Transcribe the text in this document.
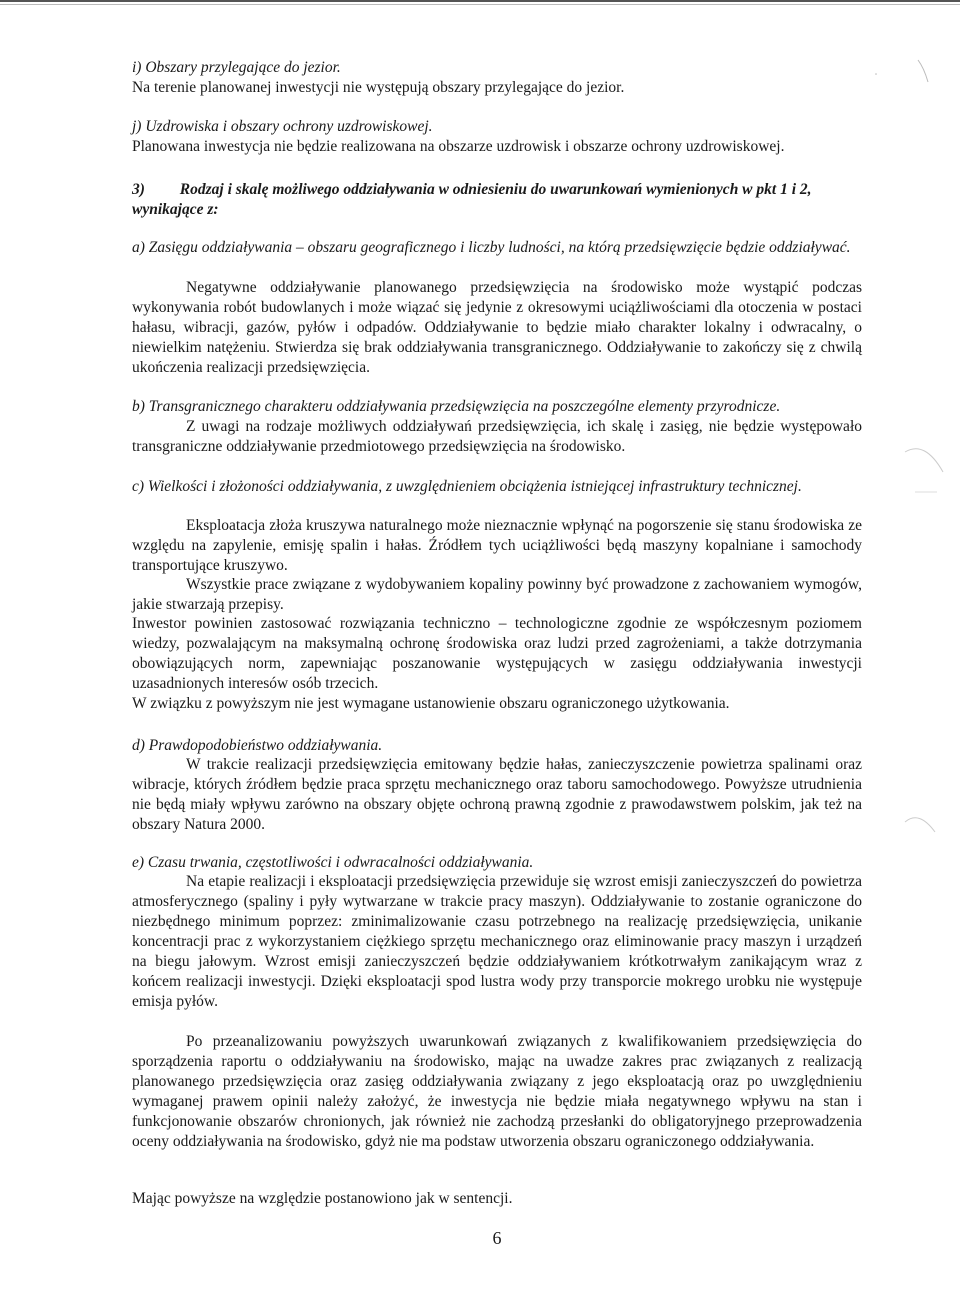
i) Obszary przylegające do jezior.

Na terenie planowanej inwestycji nie występują obszary przylegające do jezior.

j) Uzdrowiska i obszary ochrony uzdrowiskowej.

Planowana inwestycja nie będzie realizowana na obszarze uzdrowisk i obszarze ochrony uzdrowiskowej.

3)         Rodzaj i skalę możliwego oddziaływania w odniesieniu do uwarunkowań wymienionych w pkt 1 i 2, wynikające z:

a) Zasięgu oddziaływania – obszaru geograficznego i liczby ludności, na którą przedsięwzięcie będzie oddziaływać.

Negatywne oddziaływanie planowanego przedsięwzięcia na środowisko może wystąpić podczas wykonywania robót budowlanych i może wiązać się jedynie z okresowymi uciążliwościami dla otoczenia w postaci hałasu, wibracji, gazów, pyłów i odpadów. Oddziaływanie to będzie miało charakter lokalny i odwracalny, o niewielkim natężeniu. Stwierdza się brak oddziaływania transgranicznego. Oddziaływanie to zakończy się z chwilą ukończenia realizacji przedsięwzięcia.

b) Transgranicznego charakteru oddziaływania przedsięwzięcia na poszczególne elementy przyrodnicze.

Z uwagi na rodzaje możliwych oddziaływań przedsięwzięcia, ich skalę i zasięg, nie będzie występowało transgraniczne oddziaływanie przedmiotowego przedsięwzięcia na środowisko.

c) Wielkości i złożoności oddziaływania, z uwzględnieniem obciążenia istniejącej infrastruktury technicznej.

Eksploatacja złoża kruszywa naturalnego może nieznacznie wpłynąć na pogorszenie się stanu środowiska ze względu na zapylenie, emisję spalin i hałas. Źródłem tych uciążliwości będą maszyny kopalniane i samochody transportujące kruszywo.

Wszystkie prace związane z wydobywaniem kopaliny powinny być prowadzone z zachowaniem wymogów, jakie stwarzają przepisy.

Inwestor powinien zastosować rozwiązania techniczno – technologiczne zgodnie ze współczesnym poziomem wiedzy, pozwalającym na maksymalną ochronę środowiska oraz ludzi przed zagrożeniami, a także dotrzymania obowiązujących norm, zapewniając poszanowanie występujących w zasięgu oddziaływania inwestycji uzasadnionych interesów osób trzecich.

W związku z powyższym nie jest wymagane ustanowienie obszaru ograniczonego użytkowania.

d) Prawdopodobieństwo oddziaływania.

W trakcie realizacji przedsięwzięcia emitowany będzie hałas, zanieczyszczenie powietrza spalinami oraz wibracje, których źródłem będzie praca sprzętu mechanicznego oraz taboru samochodowego. Powyższe utrudnienia nie będą miały wpływu zarówno na obszary objęte ochroną prawną zgodnie z prawodawstwem polskim, jak też na obszary Natura 2000.

e) Czasu trwania, częstotliwości i odwracalności oddziaływania.

Na etapie realizacji i eksploatacji przedsięwzięcia przewiduje się wzrost emisji zanieczyszczeń do powietrza atmosferycznego (spaliny i pyły wytwarzane w trakcie pracy maszyn). Oddziaływanie to zostanie ograniczone do niezbędnego minimum poprzez: zminimalizowanie czasu potrzebnego na realizację przedsięwzięcia, unikanie koncentracji prac z wykorzystaniem ciężkiego sprzętu mechanicznego oraz eliminowanie pracy maszyn i urządzeń na biegu jałowym. Wzrost emisji zanieczyszczeń będzie oddziaływaniem krótkotrwałym zanikającym wraz z końcem realizacji inwestycji. Dzięki eksploatacji spod lustra wody przy transporcie mokrego urobku nie występuje emisja pyłów.

Po przeanalizowaniu powyższych uwarunkowań związanych z kwalifikowaniem przedsięwzięcia do sporządzenia raportu o oddziaływaniu na środowisko, mając na uwadze zakres prac związanych z realizacją planowanego przedsięwzięcia oraz zasięg oddziaływania związany z jego eksploatacją oraz po uwzględnieniu wymaganej prawem opinii należy założyć, że inwestycja nie będzie miała negatywnego wpływu na stan i funkcjonowanie obszarów chronionych, jak również nie zachodzą przesłanki do obligatoryjnego przeprowadzenia oceny oddziaływania na środowisko, gdyż nie ma podstaw utworzenia obszaru ograniczonego oddziaływania.

Mając powyższe na względzie postanowiono jak w sentencji.

6
